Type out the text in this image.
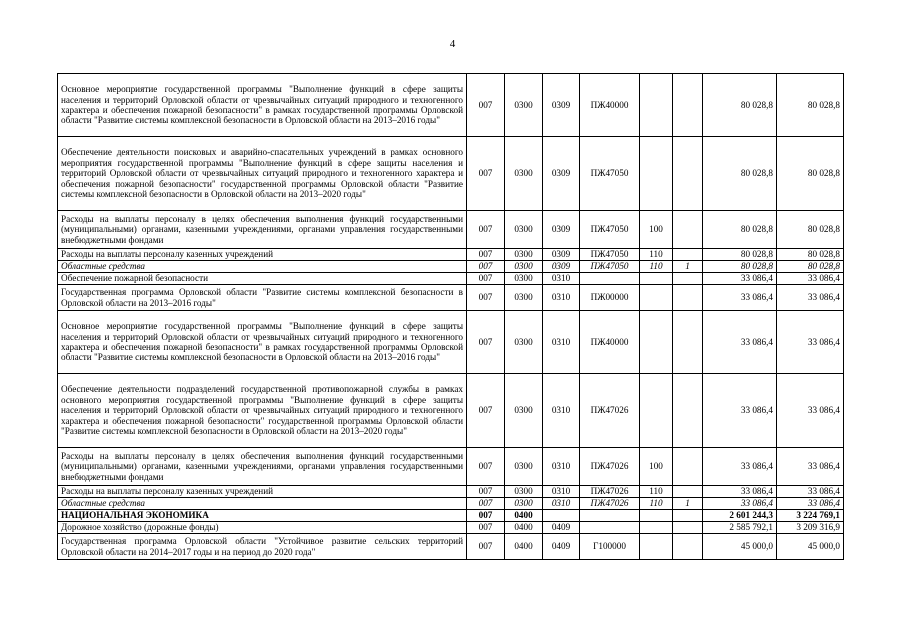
4
Основное мероприятие государственной программы "Выполнение функций в сфере защиты населения и территорий Орловской области от чрезвычайных ситуаций природного и техногенного характера и обеспечения пожарной безопасности" в рамках государственной программы Орловской области "Развитие системы комплексной безопасности в Орловской области на 2013–2016 годы"	007	0300	0309	ПЖ40000			80 028,8	80 028,8
Обеспечение деятельности поисковых и аварийно-спасательных учреждений в рамках основного мероприятия государственной программы "Выполнение функций в сфере защиты населения и территорий Орловской области от чрезвычайных ситуаций природного и техногенного характера и обеспечения пожарной безопасности" государственной программы Орловской области "Развитие системы комплексной безопасности в Орловской области на 2013–2020 годы"	007	0300	0309	ПЖ47050			80 028,8	80 028,8
Расходы на выплаты персоналу в целях обеспечения выполнения функций государственными (муниципальными) органами, казенными учреждениями, органами управления государственными внебюджетными фондами	007	0300	0309	ПЖ47050	100		80 028,8	80 028,8
Расходы на выплаты персоналу казенных учреждений	007	0300	0309	ПЖ47050	110		80 028,8	80 028,8
Областные средства	007	0300	0309	ПЖ47050	110	1	80 028,8	80 028,8
Обеспечение пожарной безопасности	007	0300	0310				33 086,4	33 086,4
Государственная программа Орловской области "Развитие системы комплексной безопасности в Орловской области на 2013–2016 годы"	007	0300	0310	ПЖ00000			33 086,4	33 086,4
Основное мероприятие государственной программы "Выполнение функций в сфере защиты населения и территорий Орловской области от чрезвычайных ситуаций природного и техногенного характера и обеспечения пожарной безопасности" в рамках государственной программы Орловской области "Развитие системы комплексной безопасности в Орловской области на 2013–2016 годы"	007	0300	0310	ПЖ40000			33 086,4	33 086,4
Обеспечение деятельности подразделений государственной противопожарной службы в рамках основного мероприятия государственной программы "Выполнение функций в сфере защиты населения и территорий Орловской области от чрезвычайных ситуаций природного и техногенного характера и обеспечения пожарной безопасности" государственной программы Орловской области "Развитие системы комплексной безопасности в Орловской области на 2013–2020 годы"	007	0300	0310	ПЖ47026			33 086,4	33 086,4
Расходы на выплаты персоналу в целях обеспечения выполнения функций государственными (муниципальными) органами, казенными учреждениями, органами управления государственными внебюджетными фондами	007	0300	0310	ПЖ47026	100		33 086,4	33 086,4
Расходы на выплаты персоналу казенных учреждений	007	0300	0310	ПЖ47026	110		33 086,4	33 086,4
Областные средства	007	0300	0310	ПЖ47026	110	1	33 086,4	33 086,4
НАЦИОНАЛЬНАЯ ЭКОНОМИКА	007	0400					2 601 244,3	3 224 769,1
Дорожное хозяйство (дорожные фонды)	007	0400	0409				2 585 792,1	3 209 316,9
Государственная программа Орловской области "Устойчивое развитие сельских территорий Орловской области на 2014–2017 годы и на период до 2020 года"	007	0400	0409	Г100000			45 000,0	45 000,0
